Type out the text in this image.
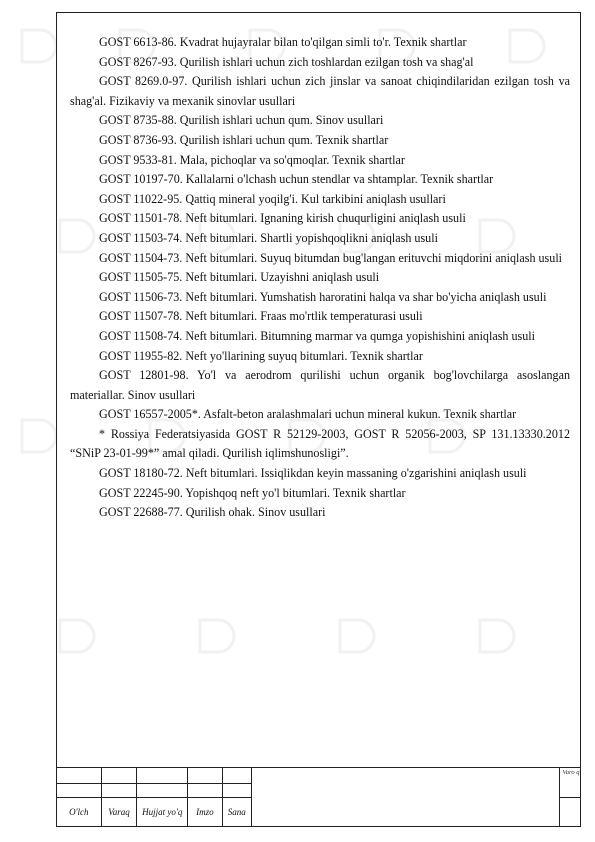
GOST 6613-86. Kvadrat hujayralar bilan to'qilgan simli to'r. Texnik shartlar

GOST 8267-93. Qurilish ishlari uchun zich toshlardan ezilgan tosh va shag'al

GOST 8269.0-97. Qurilish ishlari uchun zich jinslar va sanoat chiqindilaridan ezilgan tosh va shag'al. Fizikaviy va mexanik sinovlar usullari

GOST 8735-88. Qurilish ishlari uchun qum. Sinov usullari

GOST 8736-93. Qurilish ishlari uchun qum. Texnik shartlar

GOST 9533-81. Mala, pichoqlar va so'qmoqlar. Texnik shartlar

GOST 10197-70. Kallalarni o'lchash uchun stendlar va shtamplar. Texnik shartlar

GOST 11022-95. Qattiq mineral yoqilg'i. Kul tarkibini aniqlash usullari

GOST 11501-78. Neft bitumlari. Ignaning kirish chuqurligini aniqlash usuli

GOST 11503-74. Neft bitumlari. Shartli yopishqoqlikni aniqlash usuli

GOST 11504-73. Neft bitumlari. Suyuq bitumdan bug'langan erituvchi miqdorini aniqlash usuli

GOST 11505-75. Neft bitumlari. Uzayishni aniqlash usuli

GOST 11506-73. Neft bitumlari. Yumshatish haroratini halqa va shar bo'yicha aniqlash usuli

GOST 11507-78. Neft bitumlari. Fraas mo'rtlik temperaturasi usuli

GOST 11508-74. Neft bitumlari. Bitumning marmar va qumga yopishishini aniqlash usuli

GOST 11955-82. Neft yo'llarining suyuq bitumlari. Texnik shartlar

GOST 12801-98. Yo'l va aerodrom qurilishi uchun organik bog'lovchilarga asoslangan materiallar. Sinov usullari

GOST 16557-2005*. Asfalt-beton aralashmalari uchun mineral kukun. Texnik shartlar

* Rossiya Federatsiyasida GOST R 52129-2003, GOST R 52056-2003, SP 131.13330.2012 “SNiP 23-01-99*” amal qiladi. Qurilish iqlimshunosligi”.

GOST 18180-72. Neft bitumlari. Issiqlikdan keyin massaning o'zgarishini aniqlash usuli

GOST 22245-90. Yopishqoq neft yo'l bitumlari. Texnik shartlar

GOST 22688-77. Qurilish ohak. Sinov usullari

O'lch	Varaq	Hujjat yo'q	Imzo	Sana		
Varo q
